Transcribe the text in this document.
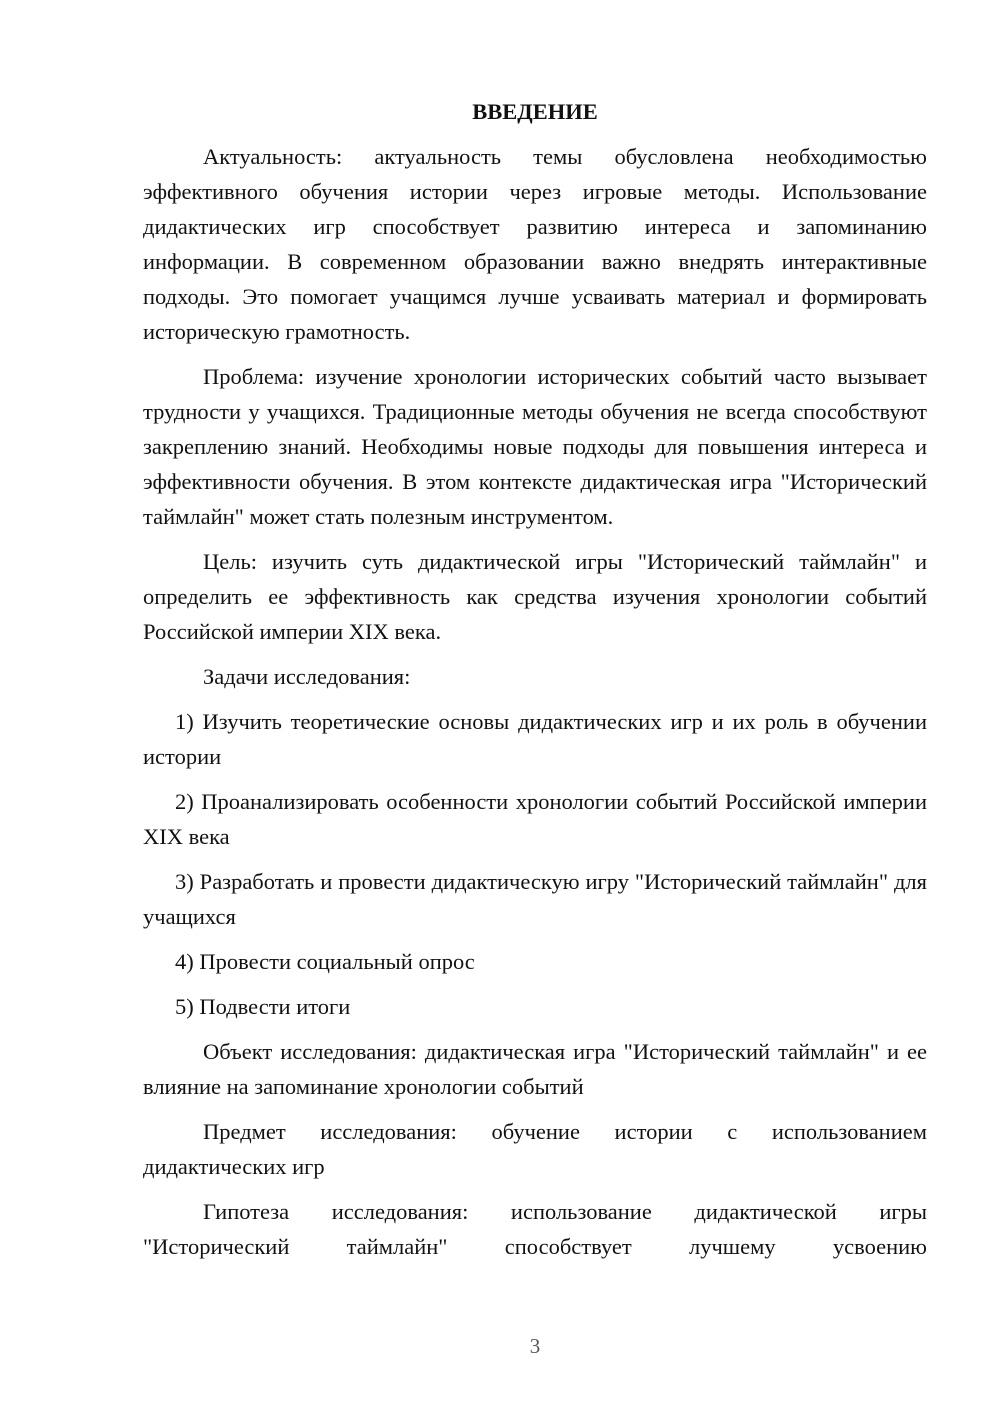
ВВЕДЕНИЕ

Актуальность: актуальность темы обусловлена необходимостью эффективного обучения истории через игровые методы. Использование дидактических игр способствует развитию интереса и запоминанию информации. В современном образовании важно внедрять интерактивные подходы. Это помогает учащимся лучше усваивать материал и формировать историческую грамотность.

Проблема: изучение хронологии исторических событий часто вызывает трудности у учащихся. Традиционные методы обучения не всегда способствуют закреплению знаний. Необходимы новые подходы для повышения интереса и эффективности обучения. В этом контексте дидактическая игра "Исторический таймлайн" может стать полезным инструментом.

Цель: изучить суть дидактической игры "Исторический таймлайн" и определить ее эффективность как средства изучения хронологии событий Российской империи XIX века.

Задачи исследования:

1) Изучить теоретические основы дидактических игр и их роль в обучении истории

2) Проанализировать особенности хронологии событий Российской империи XIX века

3) Разработать и провести дидактическую игру "Исторический таймлайн" для учащихся

4) Провести социальный опрос

5) Подвести итоги

Объект исследования: дидактическая игра "Исторический таймлайн" и ее влияние на запоминание хронологии событий

Предмет исследования: обучение истории с использованием дидактических игр

Гипотеза исследования: использование дидактической игры "Исторический таймлайн" способствует лучшему усвоению

3
